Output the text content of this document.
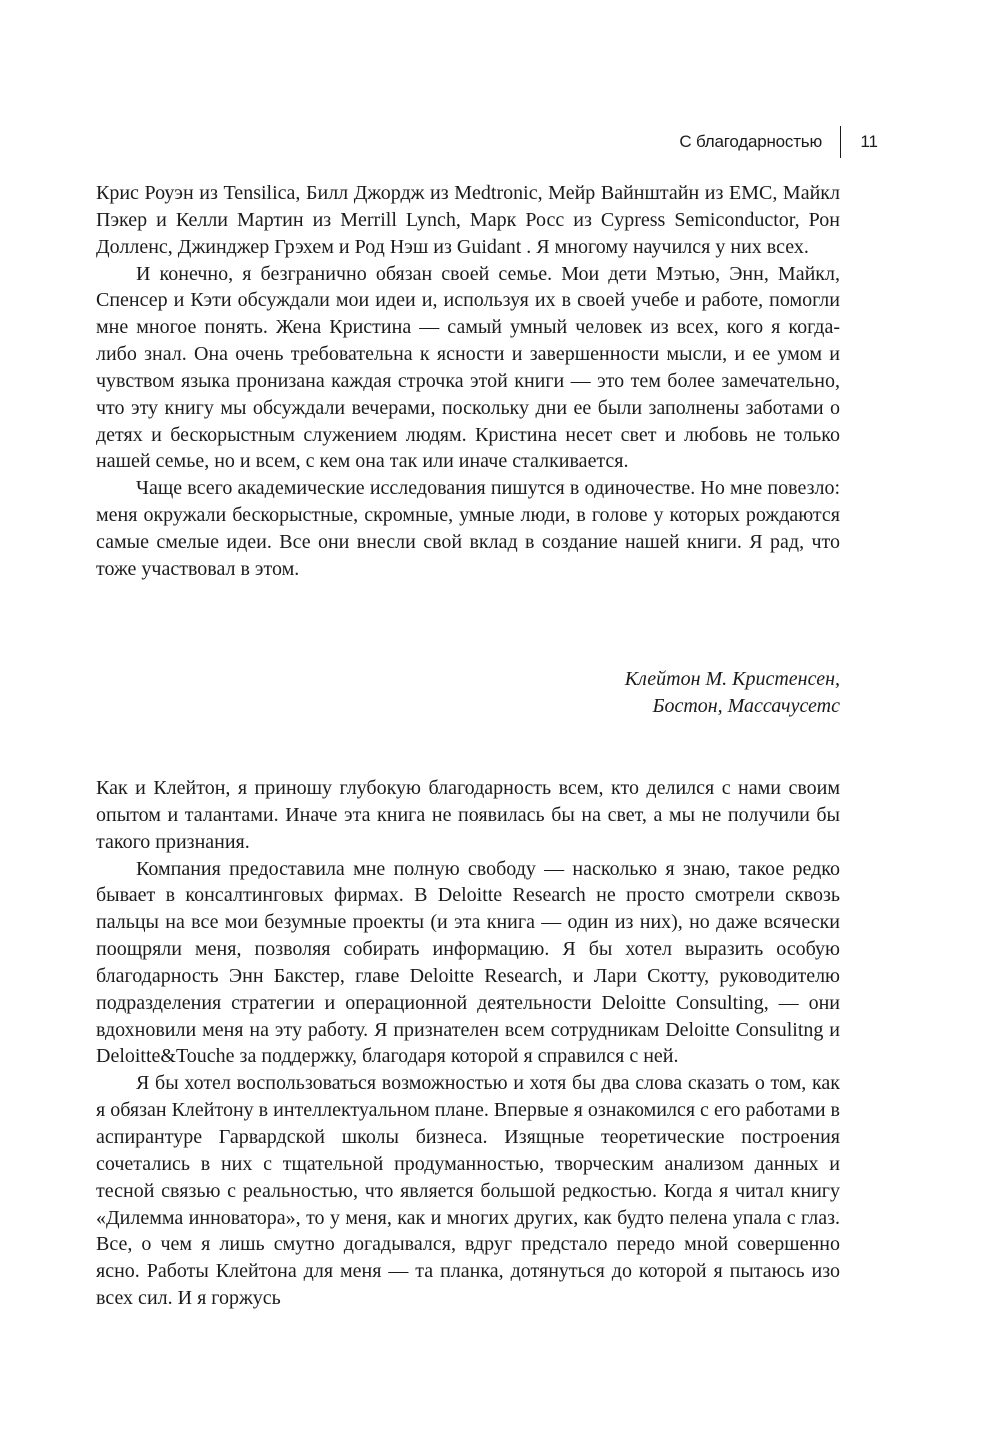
С благодарностью 11

Крис Роуэн из Tensilica, Билл Джордж из Medtronic, Мейр Вайнштайн из EMC, Майкл Пэкер и Келли Мартин из Merrill Lynch, Марк Росс из Cypress Semiconductor, Рон Долленс, Джинджер Грэхем и Род Нэш из Guidant . Я многому научился у них всех.

И конечно, я безгранично обязан своей семье. Мои дети Мэтью, Энн, Майкл, Спенсер и Кэти обсуждали мои идеи и, используя их в своей учебе и работе, помогли мне многое понять. Жена Кристина — самый умный человек из всех, кого я когда-либо знал. Она очень требовательна к ясности и завершенности мысли, и ее умом и чувством языка пронизана каждая строчка этой книги — это тем более замечательно, что эту книгу мы обсуждали вечерами, поскольку дни ее были заполнены заботами о детях и бескорыстным служением людям. Кристина несет свет и любовь не только нашей семье, но и всем, с кем она так или иначе сталкивается.

Чаще всего академические исследования пишутся в одиночестве. Но мне повезло: меня окружали бескорыстные, скромные, умные люди, в голове у которых рождаются самые смелые идеи. Все они внесли свой вклад в создание нашей книги. Я рад, что тоже участвовал в этом.

Клейтон М. Кристенсен,
Бостон, Массачусетс

Как и Клейтон, я приношу глубокую благодарность всем, кто делился с нами своим опытом и талантами. Иначе эта книга не появилась бы на свет, а мы не получили бы такого признания.

Компания предоставила мне полную свободу — насколько я знаю, такое редко бывает в консалтинговых фирмах. В Deloitte Research не просто смотрели сквозь пальцы на все мои безумные проекты (и эта книга — один из них), но даже всячески поощряли меня, позволяя собирать информацию. Я бы хотел выразить особую благодарность Энн Бакстер, главе Deloitte Research, и Лари Скотту, руководителю подразделения стратегии и операционной деятельности Deloitte Consulting, — они вдохновили меня на эту работу. Я признателен всем сотрудникам Deloitte Consulitng и Deloitte&Touche за поддержку, благодаря которой я справился с ней.

Я бы хотел воспользоваться возможностью и хотя бы два слова сказать о том, как я обязан Клейтону в интеллектуальном плане. Впервые я ознакомился с его работами в аспирантуре Гарвардской школы бизнеса. Изящные теоретические построения сочетались в них с тщательной продуманностью, творческим анализом данных и тесной связью с реальностью, что является большой редкостью. Когда я читал книгу «Дилемма инноватора», то у меня, как и многих других, как будто пелена упала с глаз. Все, о чем я лишь смутно догадывался, вдруг предстало передо мной совершенно ясно. Работы Клейтона для меня — та планка, дотянуться до которой я пытаюсь изо всех сил. И я горжусь
